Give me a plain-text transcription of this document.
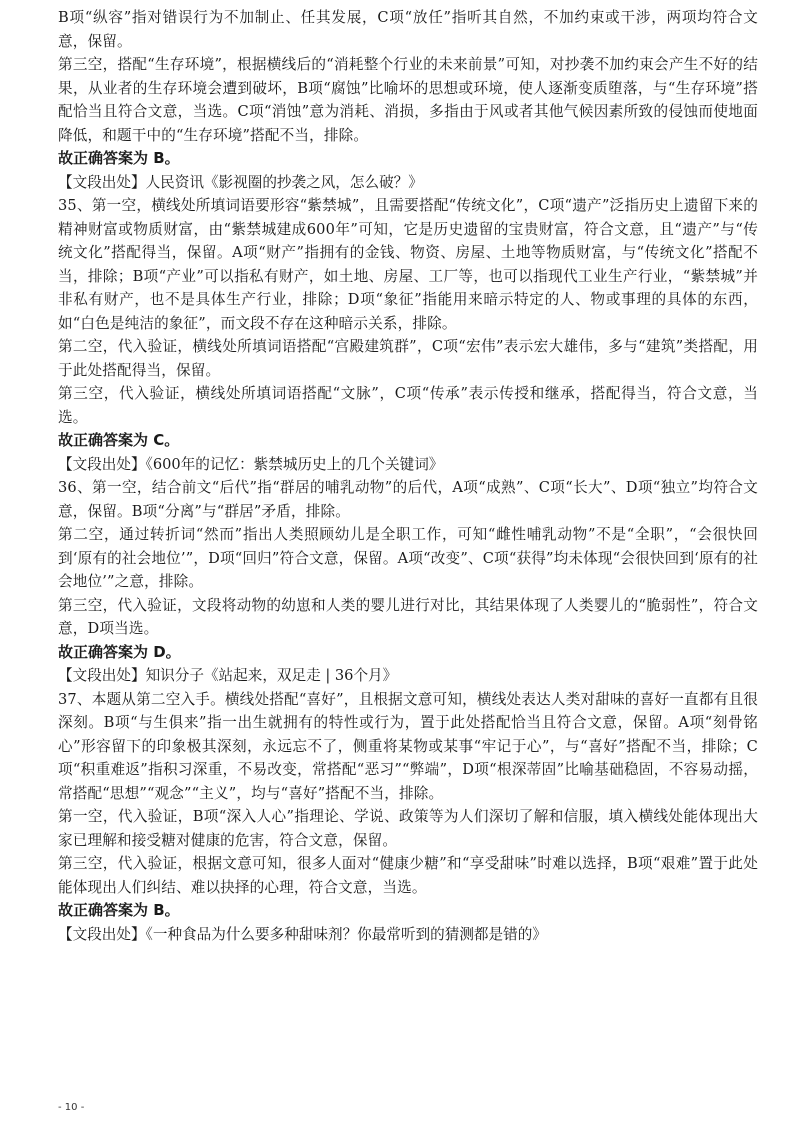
B项“纵容”指对错误行为不加制止、任其发展，C项“放任”指听其自然，不加约束或干涉，两项均符合文意，保留。
第三空，搭配“生存环境”，根据横线后的“消耗整个行业的未来前景”可知，对抄袭不加约束会产生不好的结果，从业者的生存环境会遭到破坏，B项“腐蚀”比喻坏的思想或环境，使人逐渐变质堕落，与“生存环境”搭配恰当且符合文意，当选。C项“消蚀”意为消耗、消损，多指由于风或者其他气候因素所致的侵蚀而使地面降低，和题干中的“生存环境”搭配不当，排除。
故正确答案为 B。
【文段出处】人民资讯《影视圈的抄袭之风，怎么破？》
35、第一空，横线处所填词语要形容“紫禁城”，且需要搭配“传统文化”，C项“遗产”泛指历史上遗留下来的精神财富或物质财富，由“紫禁城建成600年”可知，它是历史遗留的宝贵财富，符合文意，且“遗产”与“传统文化”搭配得当，保留。A项“财产”指拥有的金钱、物资、房屋、土地等物质财富，与“传统文化”搭配不当，排除；B项“产业”可以指私有财产，如土地、房屋、工厂等，也可以指现代工业生产行业，“紫禁城”并非私有财产，也不是具体生产行业，排除；D项“象征”指能用来暗示特定的人、物或事理的具体的东西，如“白色是纯洁的象征”，而文段不存在这种暗示关系，排除。
第二空，代入验证，横线处所填词语搭配“宫殿建筑群”，C项“宏伟”表示宏大雄伟，多与“建筑”类搭配，用于此处搭配得当，保留。
第三空，代入验证，横线处所填词语搭配“文脉”，C项“传承”表示传授和继承，搭配得当，符合文意，当选。
故正确答案为 C。
【文段出处】《600年的记忆：紫禁城历史上的几个关键词》
36、第一空，结合前文“后代”指“群居的哺乳动物”的后代，A项“成熟”、C项“长大”、D项“独立”均符合文意，保留。B项“分离”与“群居”矛盾，排除。
第二空，通过转折词“然而”指出人类照顾幼儿是全职工作，可知“雌性哺乳动物”不是“全职”，“会很快回到‘原有的社会地位’”，D项“回归”符合文意，保留。A项“改变”、C项“获得”均未体现“会很快回到‘原有的社会地位’”之意，排除。
第三空，代入验证，文段将动物的幼崽和人类的婴儿进行对比，其结果体现了人类婴儿的“脆弱性”，符合文意，D项当选。
故正确答案为 D。
【文段出处】知识分子《站起来，双足走 | 36个月》
37、本题从第二空入手。横线处搭配“喜好”，且根据文意可知，横线处表达人类对甜味的喜好一直都有且很深刻。B项“与生俱来”指一出生就拥有的特性或行为，置于此处搭配恰当且符合文意，保留。A项“刻骨铭心”形容留下的印象极其深刻，永远忘不了，侧重将某物或某事“牢记于心”，与“喜好”搭配不当，排除；C项“积重难返”指积习深重，不易改变，常搭配“恶习”“弊端”，D项“根深蒂固”比喻基础稳固，不容易动摇，常搭配“思想”“观念”“主义”，均与“喜好”搭配不当，排除。
第一空，代入验证，B项“深入人心”指理论、学说、政策等为人们深切了解和信服，填入横线处能体现出大家已理解和接受糖对健康的危害，符合文意，保留。
第三空，代入验证，根据文意可知，很多人面对“健康少糖”和“享受甜味”时难以选择，B项“艰难”置于此处能体现出人们纠结、难以抉择的心理，符合文意，当选。
故正确答案为 B。
【文段出处】《一种食品为什么要多种甜味剂？你最常听到的猜测都是错的》
- 10 -
